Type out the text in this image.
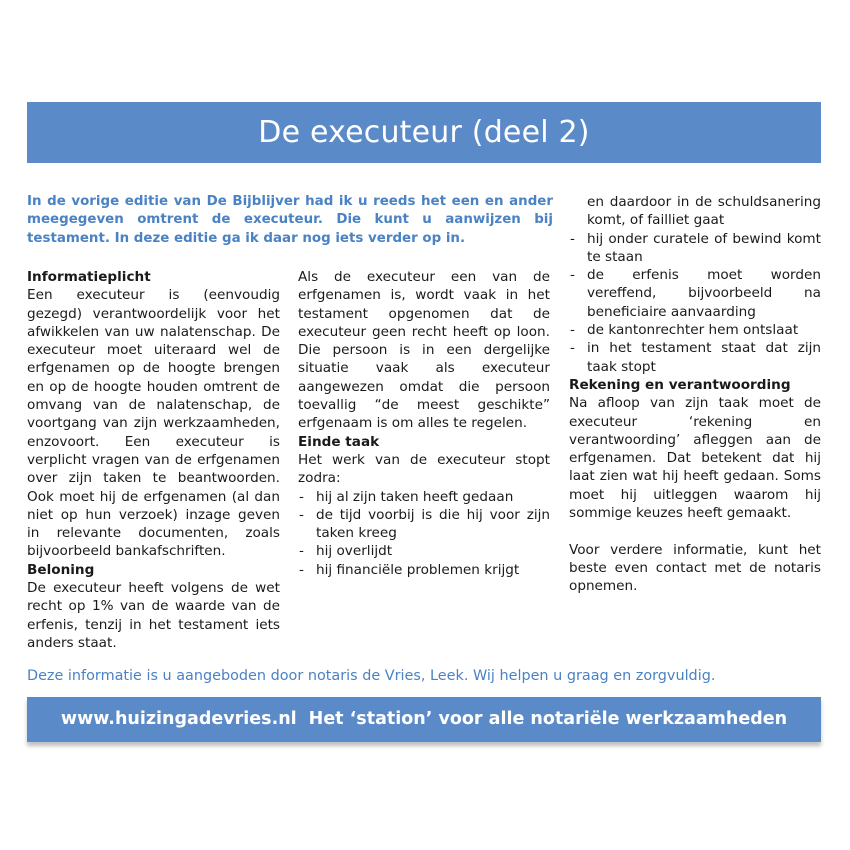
De executeur (deel 2)
In de vorige editie van De Bijblijver had ik u reeds het een en ander meegegeven omtrent de executeur. Die kunt u aanwijzen bij testament. In deze editie ga ik daar nog iets verder op in.
Informatieplicht

Een executeur is (eenvoudig gezegd) verantwoordelijk voor het afwikkelen van uw nalatenschap. De executeur moet uiteraard wel de erfgenamen op de hoogte brengen en op de hoogte houden omtrent de omvang van de nalatenschap, de voortgang van zijn werkzaamheden, enzovoort. Een executeur is verplicht vragen van de erfgenamen over zijn taken te beantwoorden. Ook moet hij de erfgenamen (al dan niet op hun verzoek) inzage geven in relevante documenten, zoals bijvoorbeeld bankafschriften.

Beloning

De executeur heeft volgens de wet recht op 1% van de waarde van de erfenis, tenzij in het testament iets anders staat.

Als de executeur een van de erfgenamen is, wordt vaak in het testament opgenomen dat de executeur geen recht heeft op loon. Die persoon is in een dergelijke situatie vaak als executeur aangewezen omdat die persoon toevallig “de meest geschikte” erfgenaam is om alles te regelen.

Einde taak

Het werk van de executeur stopt zodra:

- hij al zijn taken heeft gedaan
- de tijd voorbij is die hij voor zijn taken kreeg
- hij overlijdt
- hij financiële problemen krijgt
en daardoor in de schuldsanering komt, of failliet gaat
- hij onder curatele of bewind komt te staan
- de erfenis moet worden vereffend, bijvoorbeeld na beneficiaire aanvaarding
- de kantonrechter hem ontslaat
- in het testament staat dat zijn taak stopt
Rekening en verantwoording

Na afloop van zijn taak moet de executeur ‘rekening en verantwoording’ afleggen aan de erfgenamen. Dat betekent dat hij laat zien wat hij heeft gedaan. Soms moet hij uitleggen waarom hij sommige keuzes heeft gemaakt.

Voor verdere informatie, kunt het beste even contact met de notaris opnemen.

Deze informatie is u aangeboden door notaris de Vries, Leek. Wij helpen u graag en zorgvuldig.
www.huizingadevries.nl Het ‘station’ voor alle notariële werkzaamheden
